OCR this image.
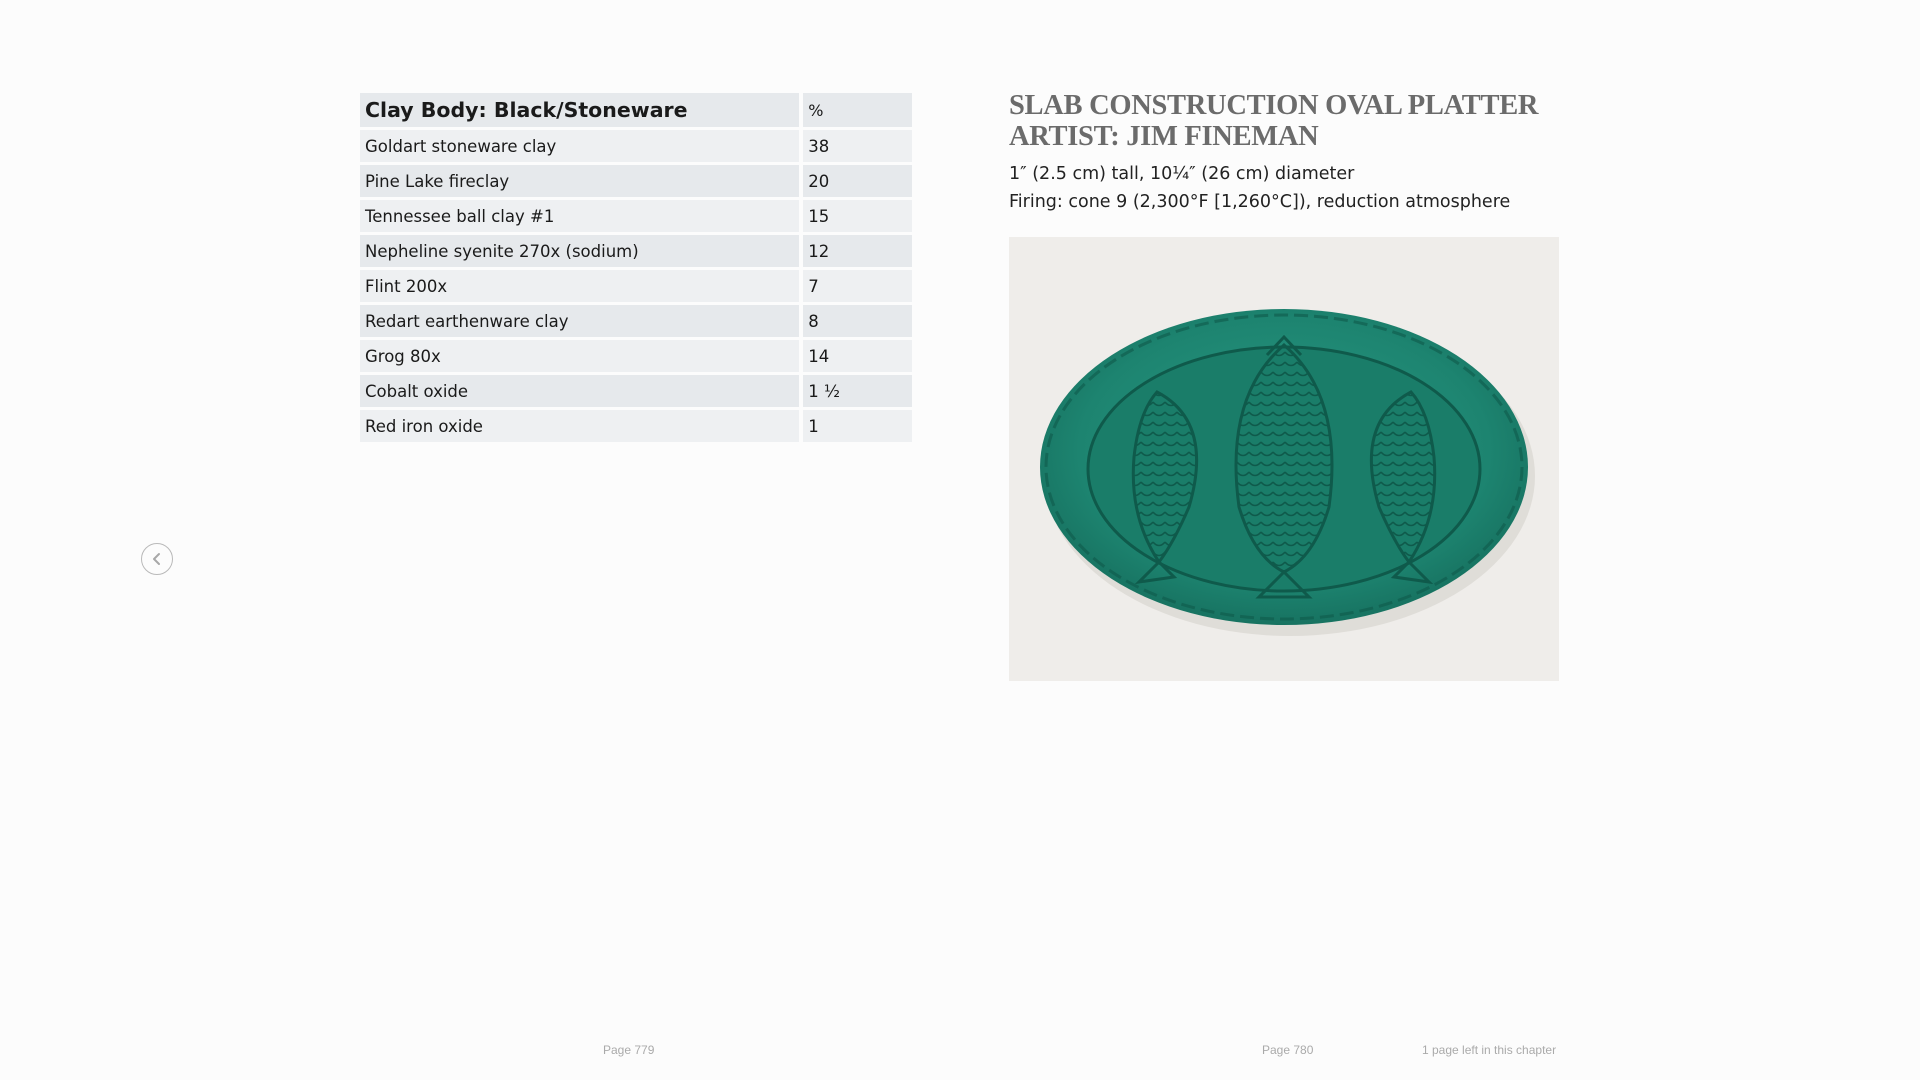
Clay Body: Black/Stoneware	%
Goldart stoneware clay	38
Pine Lake fireclay	20
Tennessee ball clay #1	15
Nepheline syenite 270x (sodium)	12
Flint 200x	7
Redart earthenware clay	8
Grog 80x	14
Cobalt oxide	1 ½
Red iron oxide	1
SLAB CONSTRUCTION OVAL PLATTER
ARTIST: JIM FINEMAN

1″ (2.5 cm) tall, 10¼″ (26 cm) diameter

Firing: cone 9 (2,300°F [1,260°C]), reduction atmosphere

Page 779	Page 780	1 page left in this chapter
